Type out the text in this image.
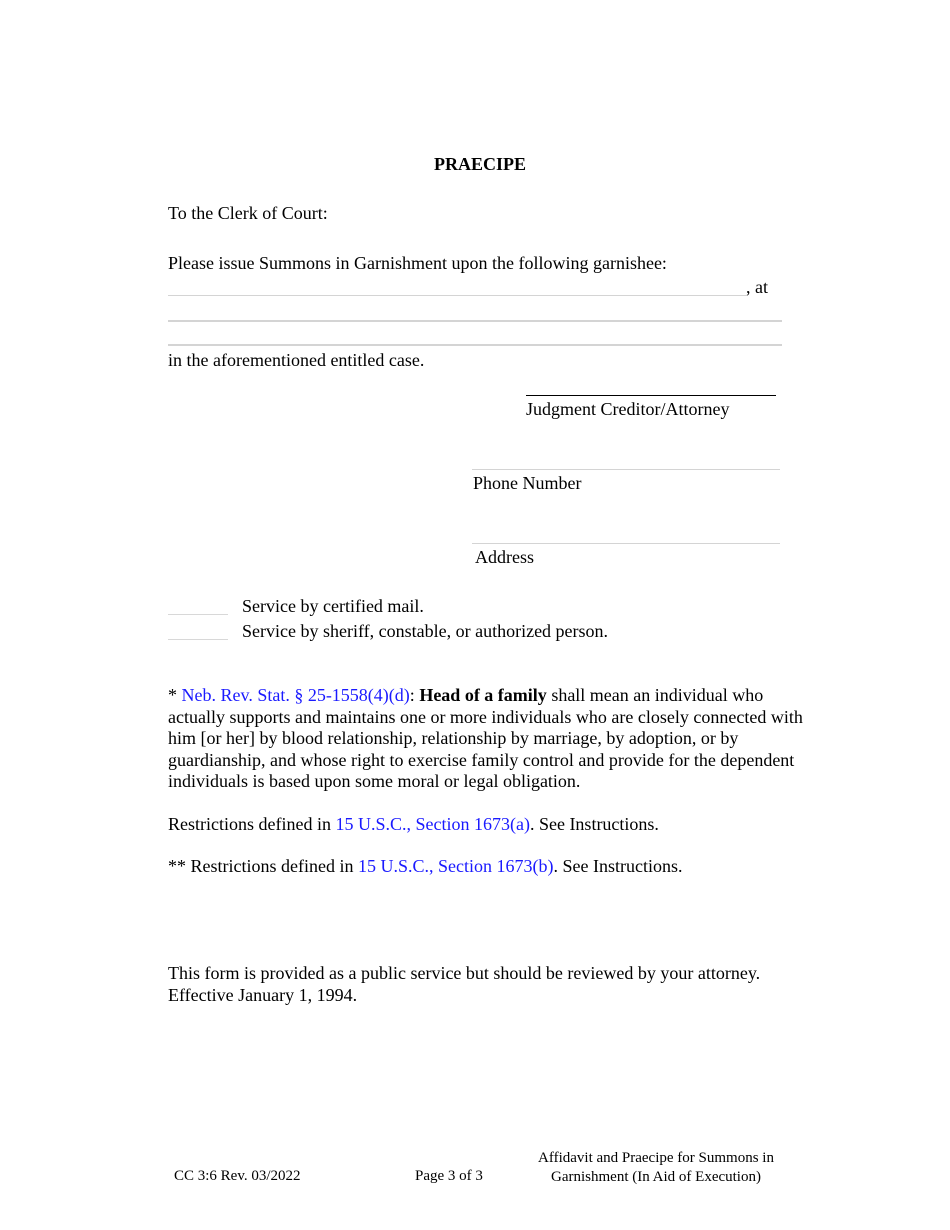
PRAECIPE
To the Clerk of Court:
Please issue Summons in Garnishment upon the following garnishee:
, at
in the aforementioned entitled case.
Judgment Creditor/Attorney
Phone Number
Address
Service by certified mail.
Service by sheriff, constable, or authorized person.
* Neb. Rev. Stat. § 25-1558(4)(d): Head of a family shall mean an individual who actually supports and maintains one or more individuals who are closely connected with him [or her] by blood relationship, relationship by marriage, by adoption, or by guardianship, and whose right to exercise family control and provide for the dependent individuals is based upon some moral or legal obligation.
Restrictions defined in 15 U.S.C., Section 1673(a). See Instructions.
** Restrictions defined in 15 U.S.C., Section 1673(b). See Instructions.
This form is provided as a public service but should be reviewed by your attorney.
Effective January 1, 1994.
CC 3:6 Rev. 03/2022	Page 3 of 3
Affidavit and Praecipe for Summons in
Garnishment (In Aid of Execution)
